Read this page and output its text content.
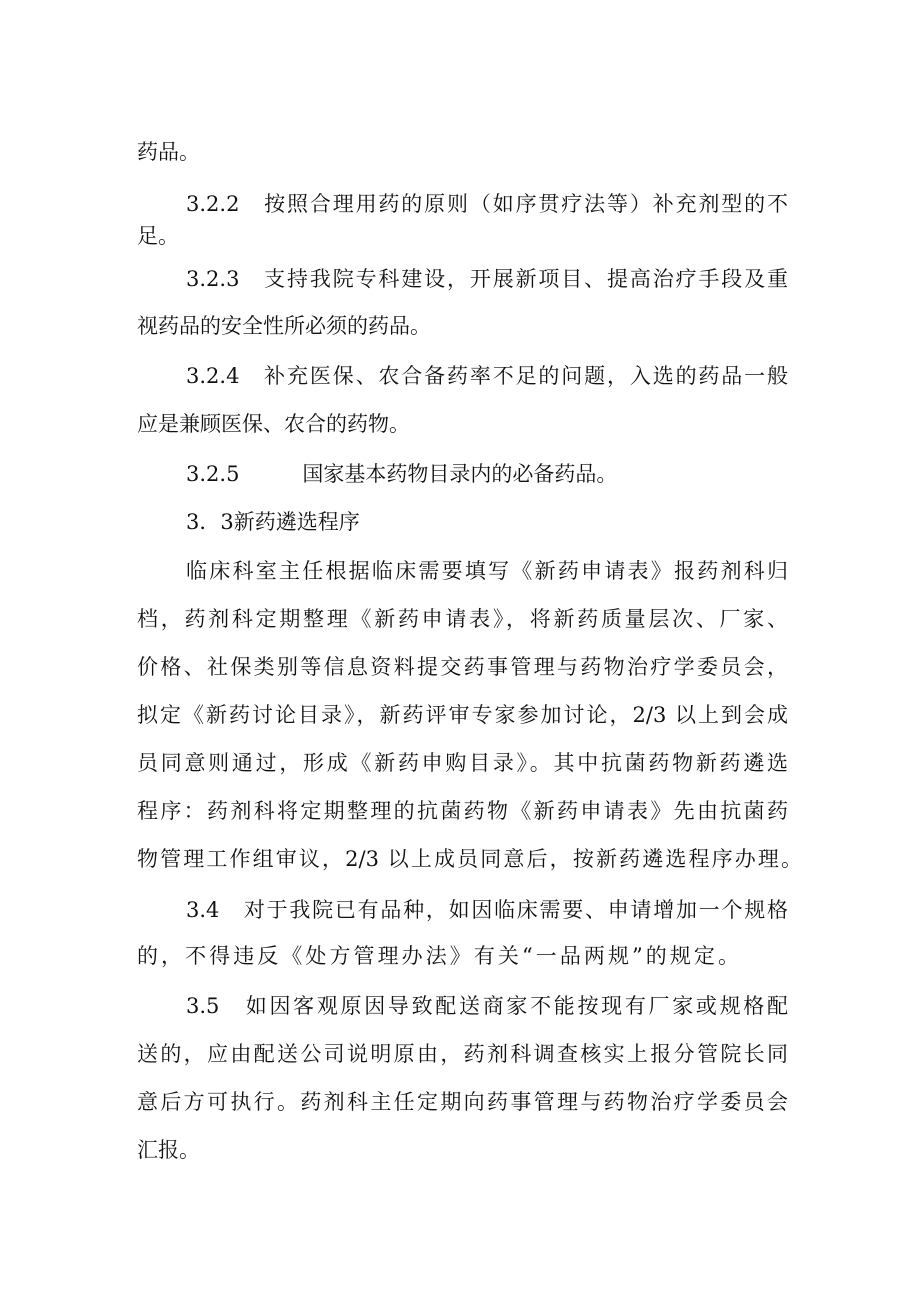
药品。
3.2.2　按照合理用药的原则（如序贯疗法等）补充剂型的不
足。
3.2.3　支持我院专科建设，开展新项目、提高治疗手段及重
视药品的安全性所必须的药品。
3.2.4　补充医保、农合备药率不足的问题，入选的药品一般
应是兼顾医保、农合的药物。
3.2.5　　　国家基本药物目录内的必备药品。
3．3新药遴选程序
临床科室主任根据临床需要填写《新药申请表》报药剂科归
档，药剂科定期整理《新药申请表》，将新药质量层次、厂家、
价格、社保类别等信息资料提交药事管理与药物治疗学委员会，
拟定《新药讨论目录》，新药评审专家参加讨论，2/3 以上到会成
员同意则通过，形成《新药申购目录》。其中抗菌药物新药遴选
程序：药剂科将定期整理的抗菌药物《新药申请表》先由抗菌药
物管理工作组审议，2/3 以上成员同意后，按新药遴选程序办理。
3.4　对于我院已有品种，如因临床需要、申请增加一个规格
的，不得违反《处方管理办法》有关“一品两规”的规定。
3.5　如因客观原因导致配送商家不能按现有厂家或规格配
送的，应由配送公司说明原由，药剂科调查核实上报分管院长同
意后方可执行。药剂科主任定期向药事管理与药物治疗学委员会
汇报。
